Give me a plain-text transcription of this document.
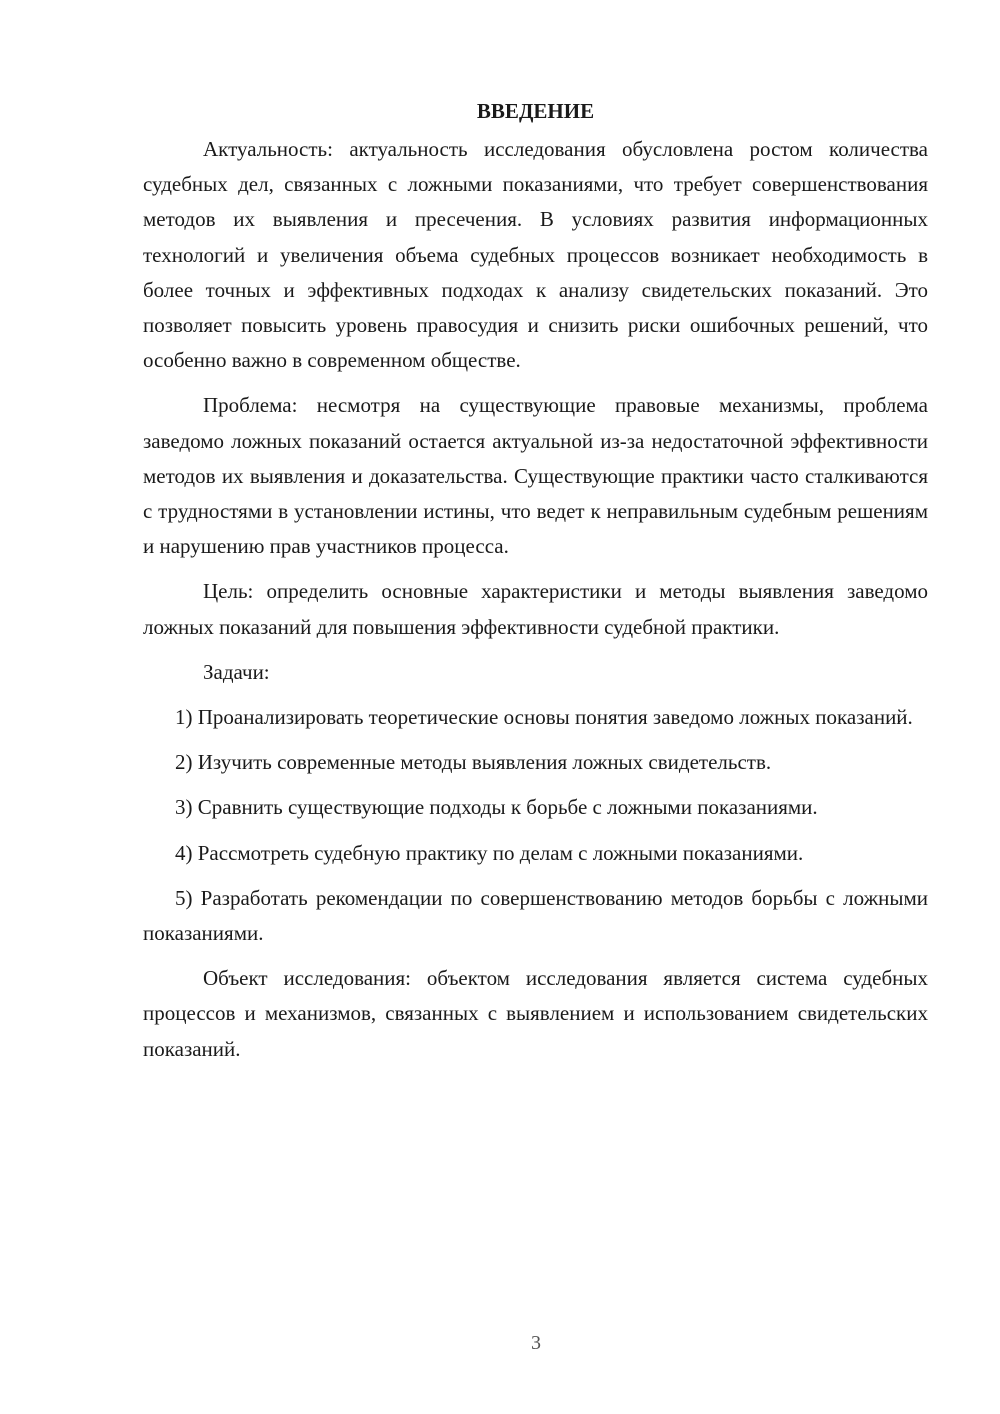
ВВЕДЕНИЕ

Актуальность: актуальность исследования обусловлена ростом количества судебных дел, связанных с ложными показаниями, что требует совершенствования методов их выявления и пресечения. В условиях развития информационных технологий и увеличения объема судебных процессов возникает необходимость в более точных и эффективных подходах к анализу свидетельских показаний. Это позволяет повысить уровень правосудия и снизить риски ошибочных решений, что особенно важно в современном обществе.

Проблема: несмотря на существующие правовые механизмы, проблема заведомо ложных показаний остается актуальной из-за недостаточной эффективности методов их выявления и доказательства. Существующие практики часто сталкиваются с трудностями в установлении истины, что ведет к неправильным судебным решениям и нарушению прав участников процесса.

Цель: определить основные характеристики и методы выявления заведомо ложных показаний для повышения эффективности судебной практики.

Задачи:

1) Проанализировать теоретические основы понятия заведомо ложных показаний.

2) Изучить современные методы выявления ложных свидетельств.

3) Сравнить существующие подходы к борьбе с ложными показаниями.

4) Рассмотреть судебную практику по делам с ложными показаниями.

5) Разработать рекомендации по совершенствованию методов борьбы с ложными показаниями.

Объект исследования: объектом исследования является система судебных процессов и механизмов, связанных с выявлением и использованием свидетельских показаний.

3
